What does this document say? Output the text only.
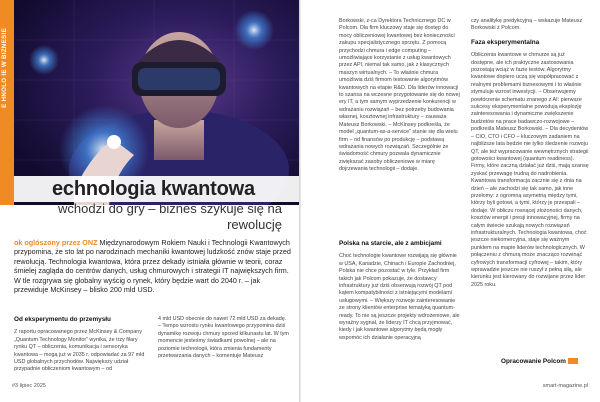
E HNOLO IE W BIZNESIE
echnologia kwantowa
wchodzi do gry – biznes szykuje się na rewolucję
ok oglószony przez ONZ Międzynarodowym Rokiem Nauki i Technologii Kwantowych przypomina, że sto lat po narodzinach mechaniki kwantowej ludzkość znów staje przed rewolucją. Technologia kwantowa, która przez dekady istniała głównie w teorii, coraz śmielej zagląda do centrów danych, usług chmurowych i strategii IT największych firm. W tle rozgrywa się globalny wyścig o rynek, który będzie wart do 2040 r. – jak przewiduje McKinsey – blisko 200 mld USD.
Od eksperymentu do przemysłu

Z raportu opracowanego przez McKinsey & Company „Quantum Technology Monitor” wynika, że trzy filary rynku QT – obliczenia, komunikacja i sensoryka kwantowa – mogą już w 2035 r. odpowiadać za 97 mld USD globalnych przychodów. Największy udział przypadnie obliczeniom kwantowym – od

4 mld USD obecnie do nawet 72 mld USD za dekadę. – Tempo wzrostu rynku kwantowego przypomina dziś dynamikę rozwoju chmury sprzed kilkunastu lat. W tym momencie jesteśmy świadkami powolnej – ale na poziomie technologii, która zmienia fundamenty przetwarzania danych – komentuje Mateusz

#3 lipiec 2025

Borkowski, z-ca Dyrektora Technicznego DC w Polcom. Dla firm kluczowy staje się dostęp do mocy obliczeniowej kwantowej bez konieczności zakupu specjalistycznego sprzętu. Z pomocą przychodzi chmura i edge computing – umożliwiające korzystanie z usług kwantowych przez API, niemal tak samo, jak z klasycznych maszyn wirtualnych. – To właśnie chmura umożliwia dziś firmom testowanie algorytmów kwantowych na etapie R&D. Dla liderów innowacji to szansa na wczesne przygotowanie się do nowej ery IT, a tym samym wyprzedzenie konkurencji w wdrażaniu rozwiązań – bez potrzeby budowania własnej, kosztownej infrastruktury – zauważa Mateusz Borkowski. – McKinsey podkreśla, że model „quantum-as-a-service” stanie się dla wielu firm – od finansów po produkcję – podstawą wdrażania nowych rozwiązań. Szczególnie że świadomość chmury pozwala dynamicznie zwiększać zasoby obliczeniowe w miarę dojrzewania technologii – dodaje.

Polska na starcie, ale z ambicjami

Choć technologie kwantowe rozwijają się głównie w USA, Kanadzie, Chinach i Europie Zachodniej, Polska nie chce pozostać w tyle. Przykład firm takich jak Polcom pokazuje, że dostawcy infrastruktury już dziś obserwują rozwój QT pod kątem kompatybilności z istniejącymi modelami usługowymi. – Większy rozwoje zainteresowanie ze strony klientów enterprise tematyką quantum-ready. To nie są jeszcze projekty wdrożeniowe, ale wyraźny sygnał, że liderzy IT chcą przyjmować, kiedy i jak kwantowe algorytmy będą mogły wspomóc ich działanie operacyjną

czy analitykę predykcyjną – wskazuje Mateusz Borkowski z Polcom.

Faza eksperymentalna

Obliczenia kwantowe w chmurze są już dostępne, ale ich praktyczne zastosowania pozostają wciąż w fazie testów. Algorytmy kwantowe dopiero uczą się współpracować z realnymi problemami biznesowymi i to właśnie stymuluje wzrost inwestycji. – Obserwujemy powtórzenie schematu znanego z AI: pierwsze sukcesy eksperymentalne powodują eksplozję zainteresowania i dynamiczne zwiększenie budżetów na prace badawczo-rozwojowe – podkreśla Mateusz Borkowski. – Dla decydentów – CIO, CTO i CFO – kluczowym zadaniem na najbliższe lata będzie nie tylko śledzenie rozwoju QT, ale też wypracowanie wewnętrznych strategii gotowości kwantowej (quantum readiness). Firmy, które zaczną działać już dziś, mają szansę zyskać przewagę trudną do nadrobienia. Kwantowa transformacja zacznie się z dnia na dzień – ale zachodzi się tak samo, jak inne przełomy: z ogromną asymetrią między tymi, którzy byli gotowi, a tymi, którzy je przespali – dodaje. W obliczu rosnącej złożoności danych, kosztów energii i presji innowacyjnej, firmy na całym świecie szukają nowych rozwiązań infrastrukturalnych. Technologia kwantowa, choć jeszcze niekomercyjna, staje się ważnym punktem na mapie liderów technologicznych. W połączeniu z chmurą może znacząco rozwinąć cyfrowych transformacji cyfrowej – takim, który wprawadzie jeszcze nie ruszył z pełną siłą, ale kierunku jest kierowany do rozwijane przez lider 2025 roku.

Opracowanie Polcom
smart-magazine.pl
